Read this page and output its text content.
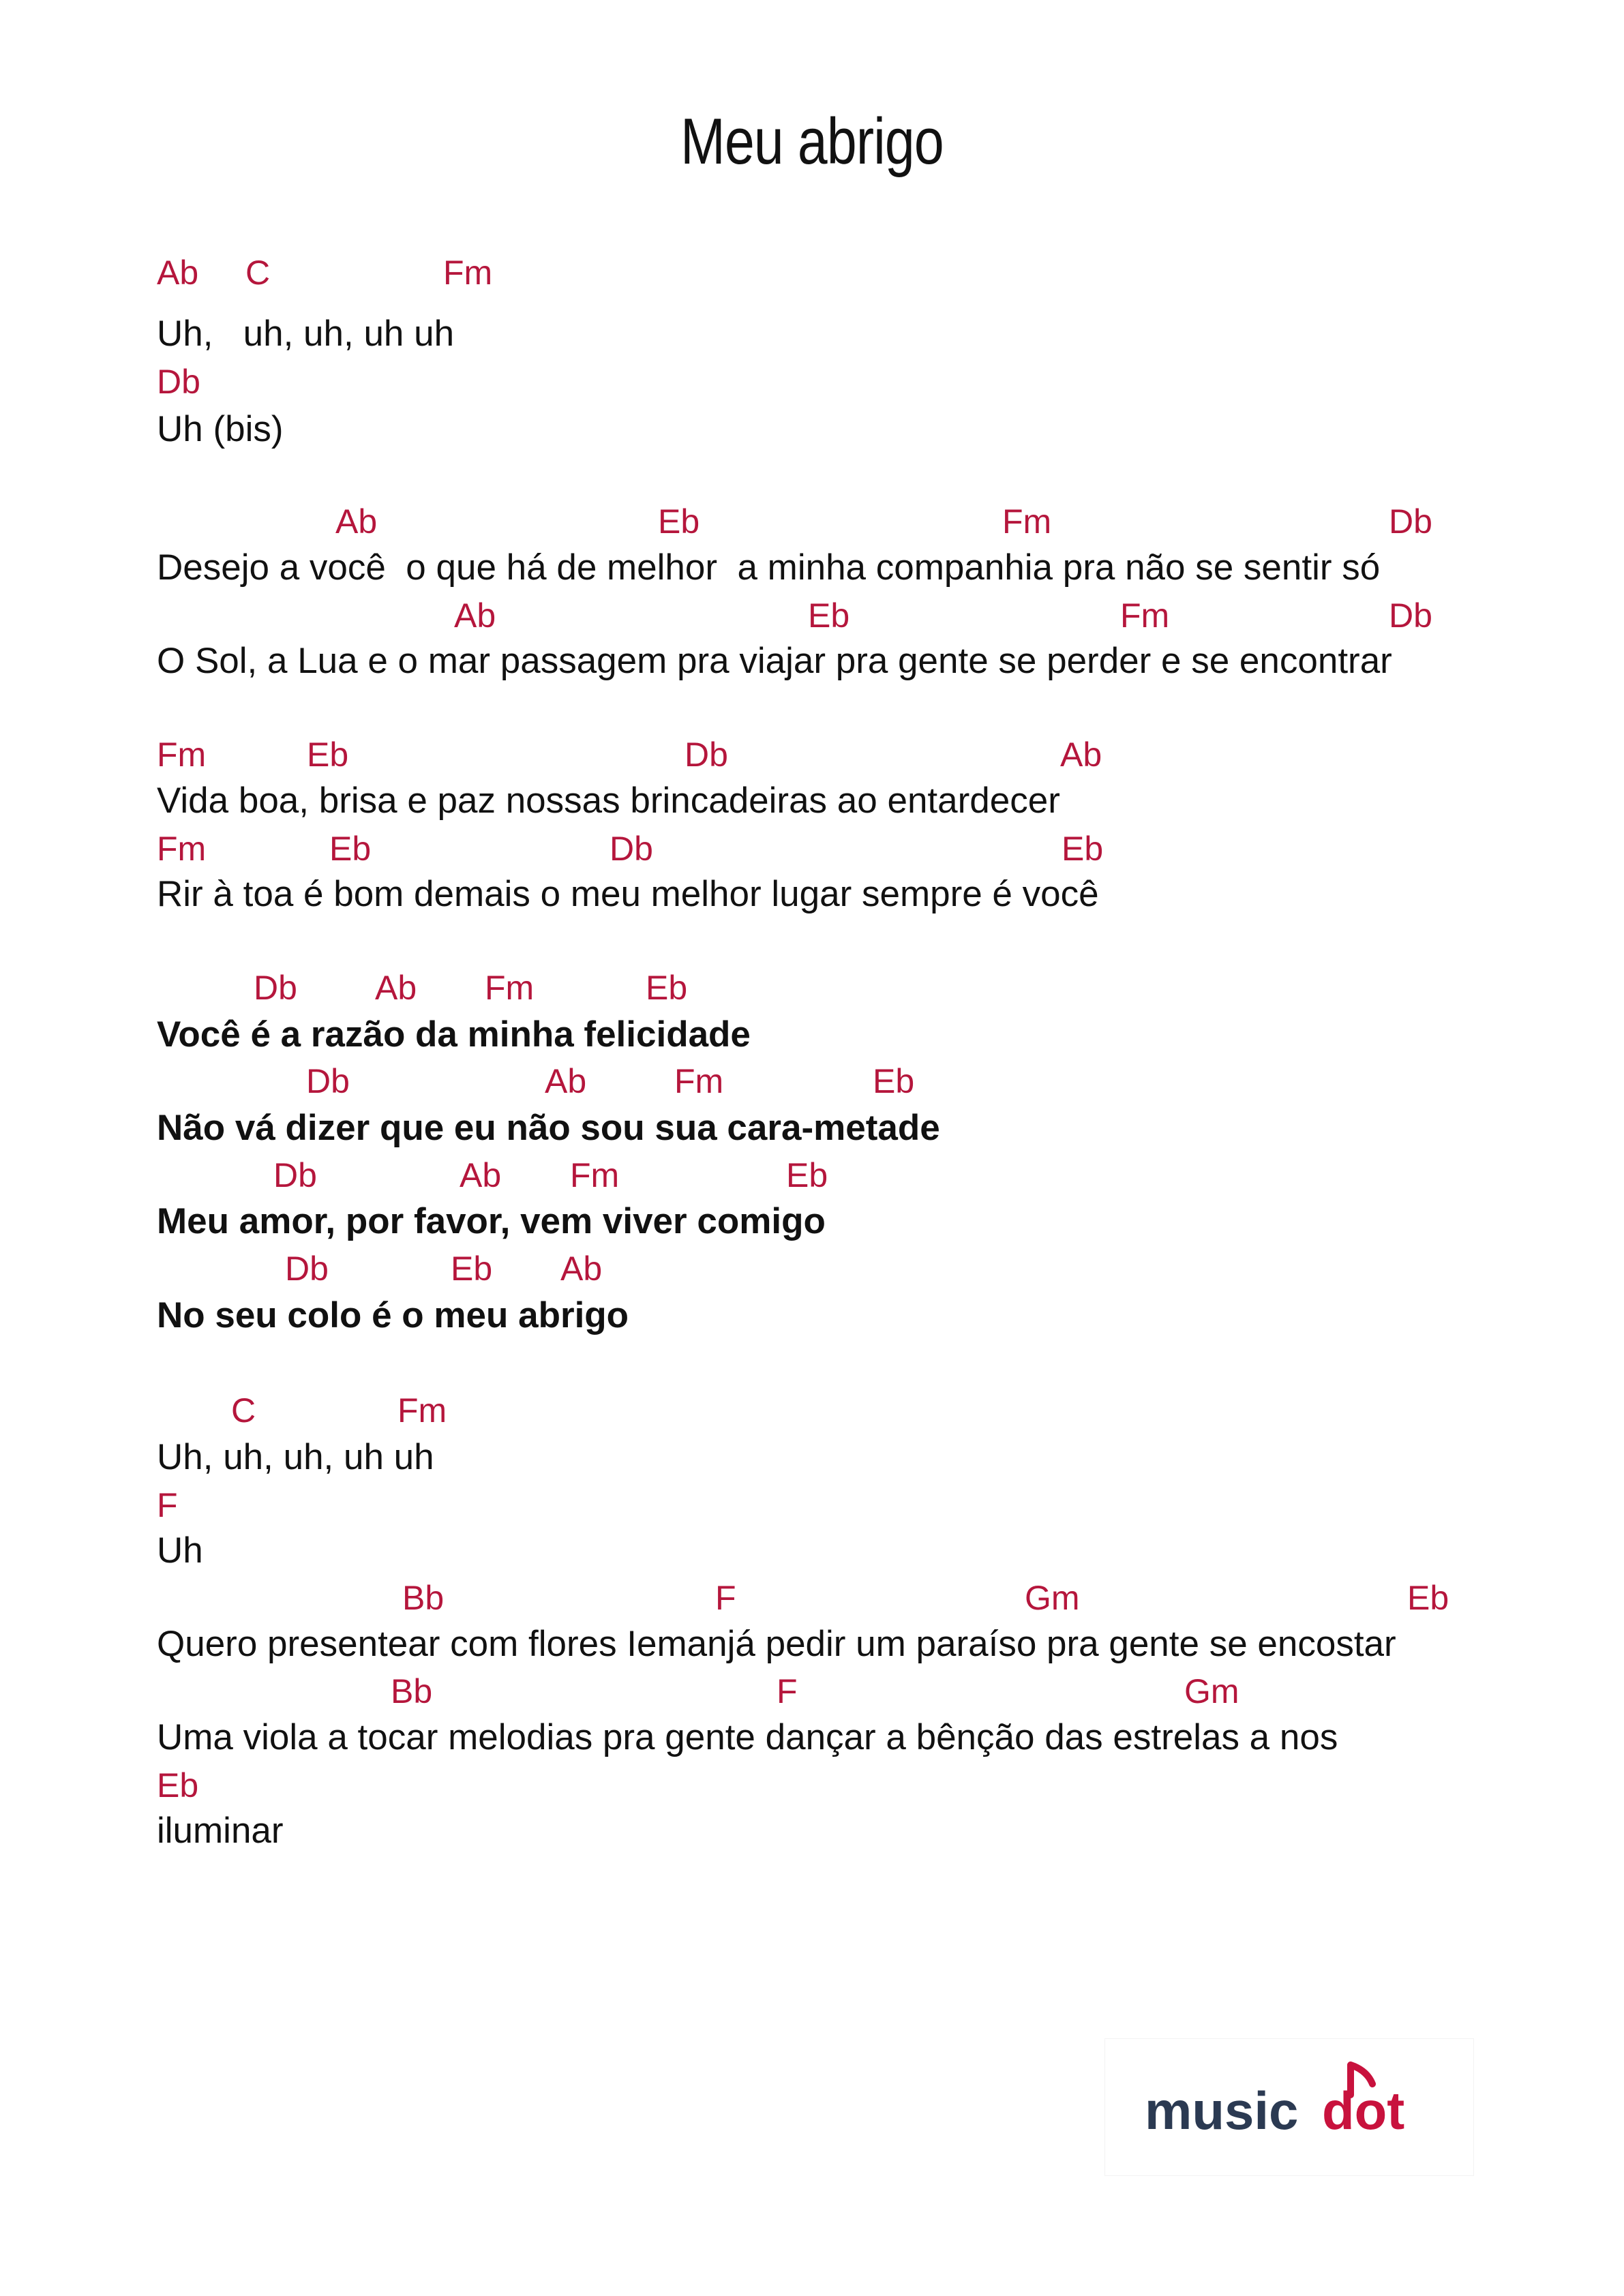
Meu abrigo
Ab C	Fm
Uh,   uh, uh, uh uh
Db
Uh (bis)
Ab	Eb	Fm	Db
Desejo a você  o que há de melhor  a minha companhia pra não se sentir só
Ab	Eb	Fm	Db
O Sol, a Lua e o mar passagem pra viajar pra gente se perder e se encontrar
Fm	Eb	Db	Ab
Vida boa, brisa e paz nossas brincadeiras ao entardecer
Fm	Eb	Db	Eb
Rir à toa é bom demais o meu melhor lugar sempre é você
Db Ab Fm	Eb
Você é a razão da minha felicidade
Db	Ab	Fm	Eb
Não vá dizer que eu não sou sua cara-metade
Db	Ab Fm	Eb
Meu amor, por favor, vem viver comigo
Db	Eb Ab
No seu colo é o meu abrigo
C	Fm
Uh, uh, uh, uh uh
F
Uh
Bb	F	Gm	Eb
Quero presentear com flores Iemanjá pedir um paraíso pra gente se encostar
Bb	F	Gm
Uma viola a tocar melodias pra gente dançar a bênção das estrelas a nos
Eb
iluminar
music dot
